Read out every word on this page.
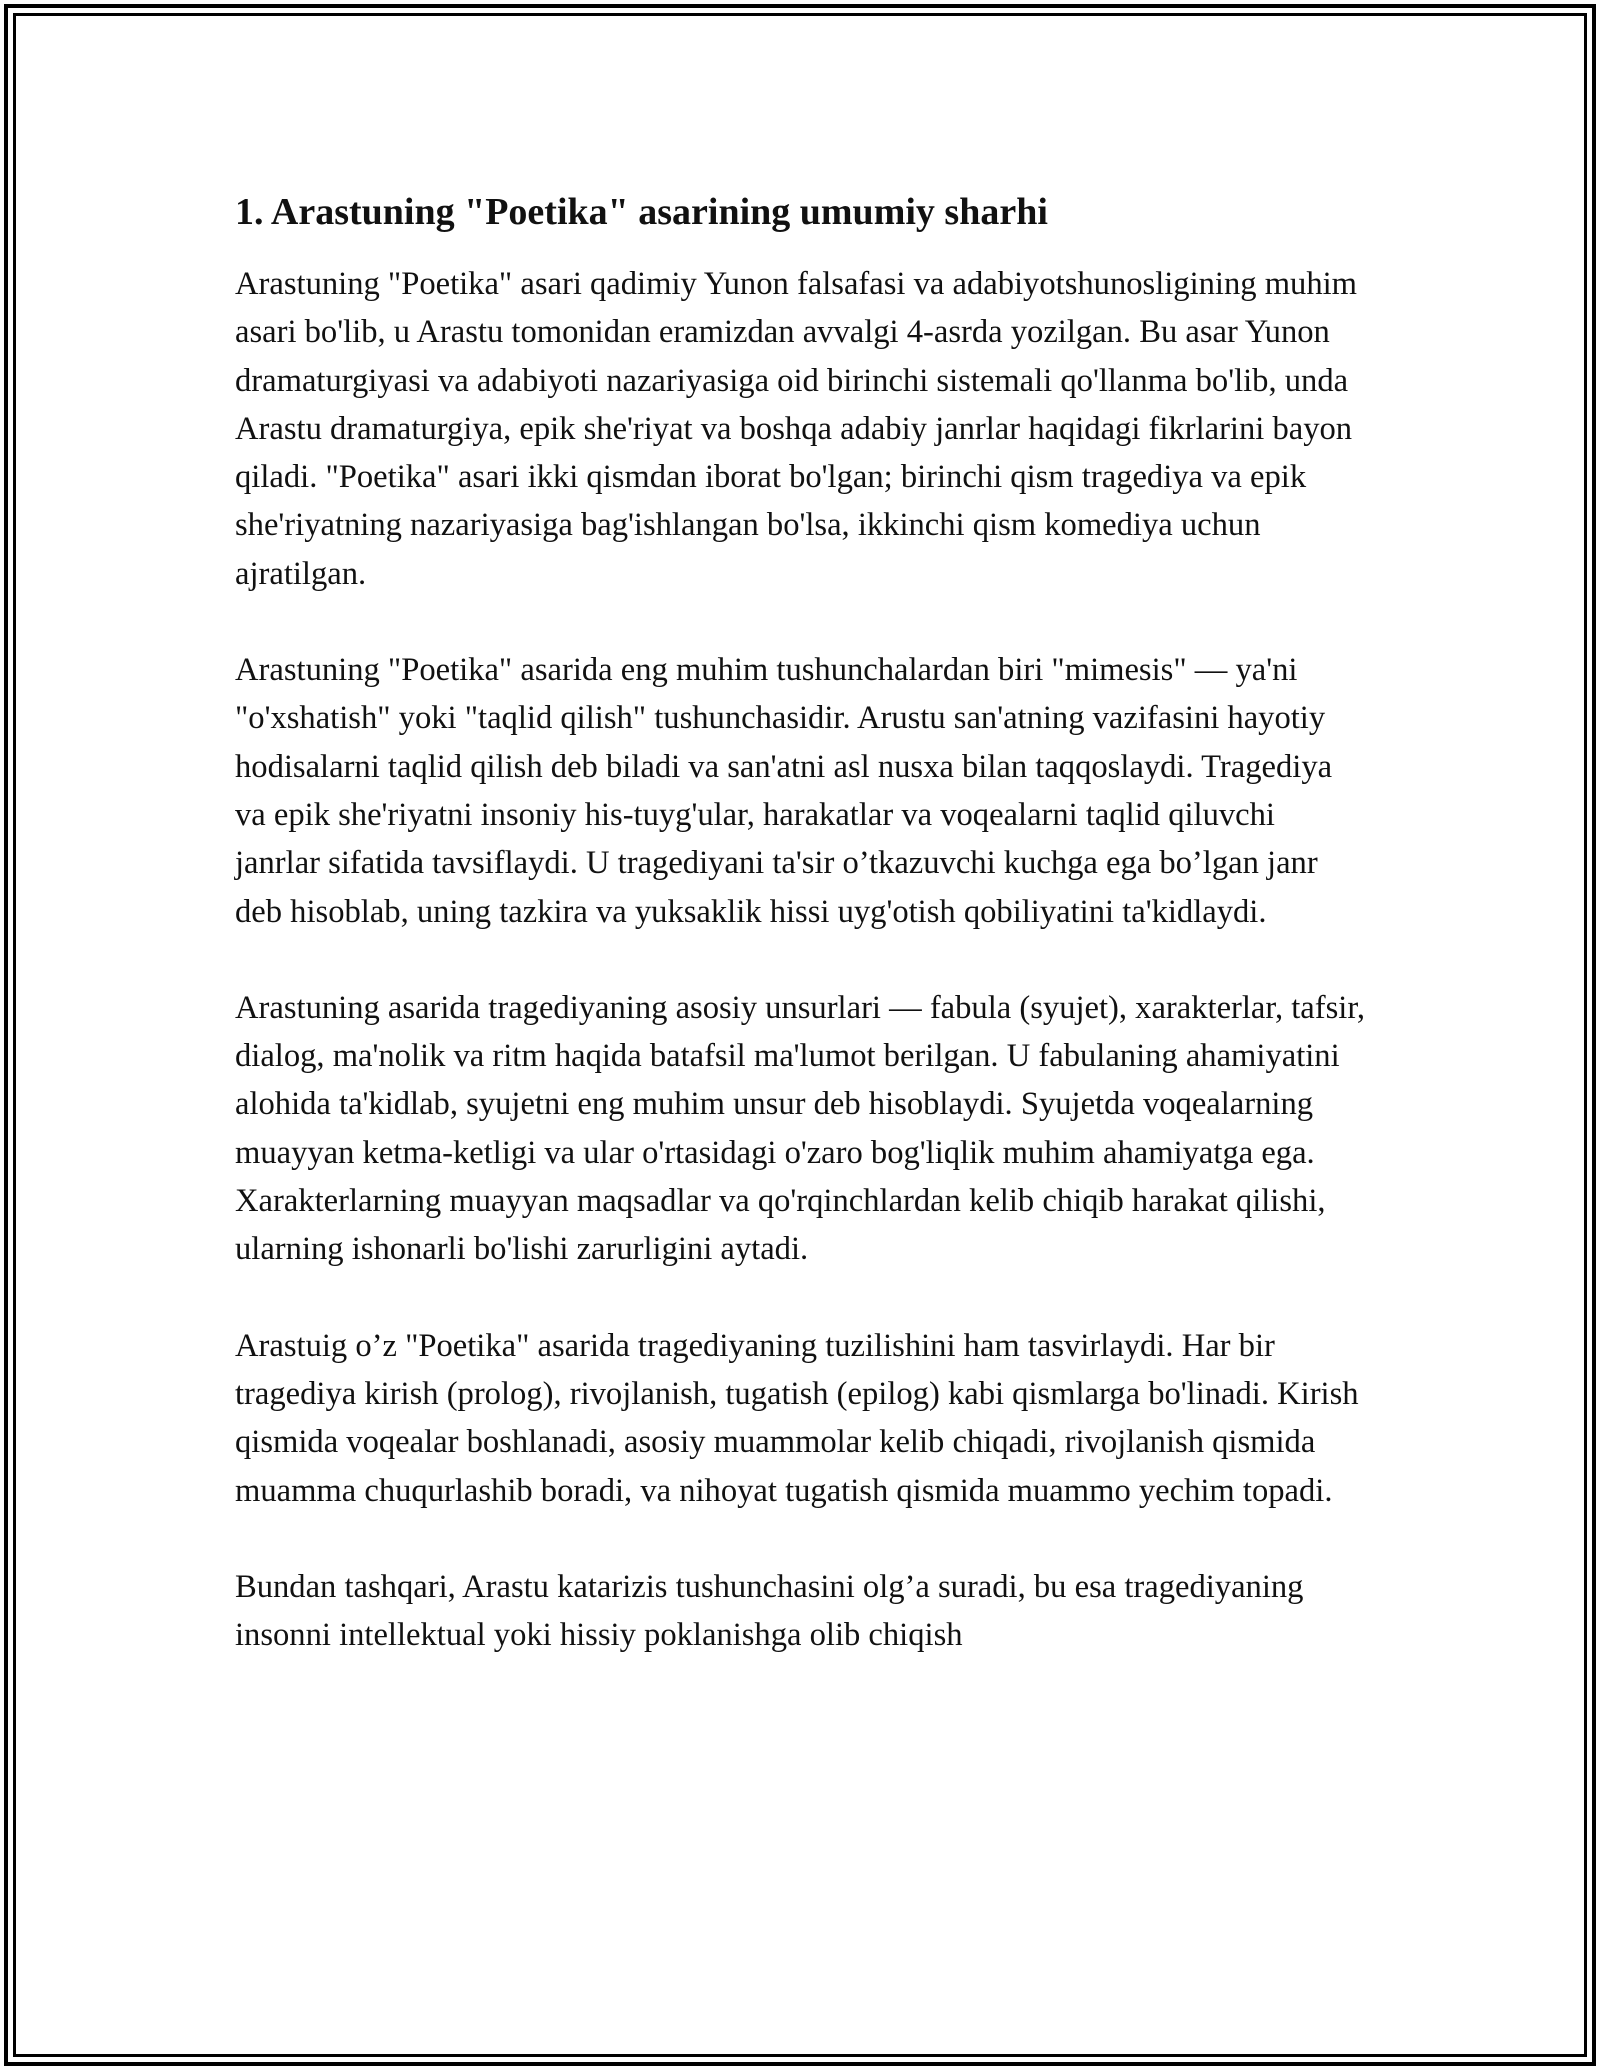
1. Arastuning "Poetika" asarining umumiy sharhi

Arastuning "Poetika" asari qadimiy Yunon falsafasi va adabiyotshunosligining muhim asari bo'lib, u Arastu tomonidan eramizdan avvalgi 4-asrda yozilgan. Bu asar Yunon dramaturgiyasi va adabiyoti nazariyasiga oid birinchi sistemali qo'llanma bo'lib, unda Arastu dramaturgiya, epik she'riyat va boshqa adabiy janrlar haqidagi fikrlarini bayon qiladi. "Poetika" asari ikki qismdan iborat bo'lgan; birinchi qism tragediya va epik she'riyatning nazariyasiga bag'ishlangan bo'lsa, ikkinchi qism komediya uchun ajratilgan.

Arastuning "Poetika" asarida eng muhim tushunchalardan biri "mimesis" — ya'ni "o'xshatish" yoki "taqlid qilish" tushunchasidir. Arustu san'atning vazifasini hayotiy hodisalarni taqlid qilish deb biladi va san'atni asl nusxa bilan taqqoslaydi. Tragediya va epik she'riyatni insoniy his-tuyg'ular, harakatlar va voqealarni taqlid qiluvchi janrlar sifatida tavsiflaydi. U tragediyani ta'sir o’tkazuvchi kuchga ega bo’lgan janr deb hisoblab, uning tazkira va yuksaklik hissi uyg'otish qobiliyatini ta'kidlaydi.

Arastuning asarida tragediyaning asosiy unsurlari — fabula (syujet), xarakterlar, tafsir, dialog, ma'nolik va ritm haqida batafsil ma'lumot berilgan. U fabulaning ahamiyatini alohida ta'kidlab, syujetni eng muhim unsur deb hisoblaydi. Syujetda voqealarning muayyan ketma-ketligi va ular o'rtasidagi o'zaro bog'liqlik muhim ahamiyatga ega. Xarakterlarning muayyan maqsadlar va qo'rqinchlardan kelib chiqib harakat qilishi, ularning ishonarli bo'lishi zarurligini aytadi.

Arastuig o’z "Poetika" asarida tragediyaning tuzilishini ham tasvirlaydi. Har bir tragediya kirish (prolog), rivojlanish, tugatish (epilog) kabi qismlarga bo'linadi. Kirish qismida voqealar boshlanadi, asosiy muammolar kelib chiqadi, rivojlanish qismida muamma chuqurlashib boradi, va nihoyat tugatish qismida muammo yechim topadi.

Bundan tashqari, Arastu katarizis tushunchasini olg’a suradi, bu esa tragediyaning insonni intellektual yoki hissiy poklanishga olib chiqish
